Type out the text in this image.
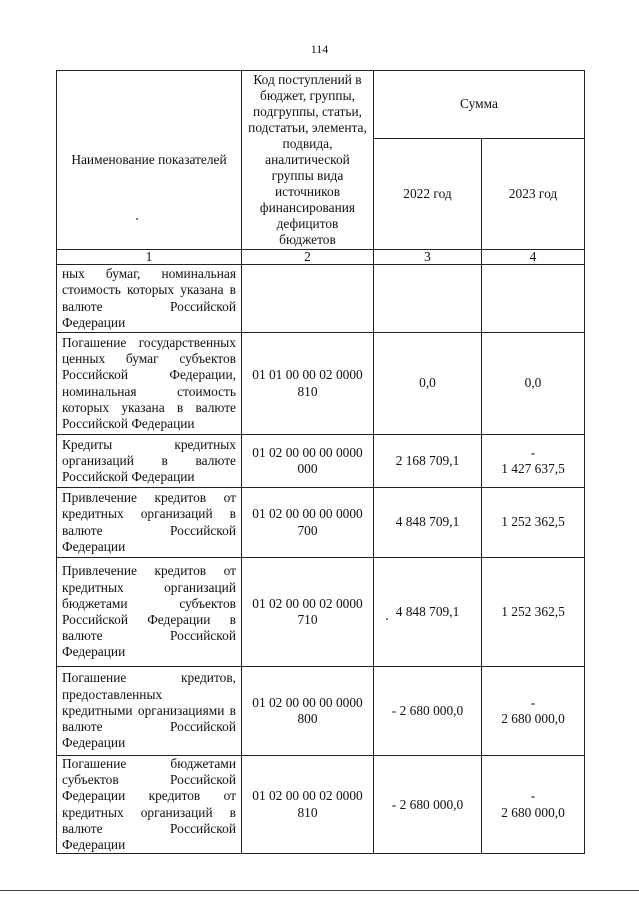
114
Наименование показателей	Код поступлений в бюджет, группы, подгруппы, статьи, подстатьи, элемента, подвида, аналитической группы вида источников финансирования дефицитов бюджетов	Сумма	
		2022 год	2023 год
1	2	3	4
ных бумаг, номинальная стоимость которых указана в валюте Российской Федерации			
Погашение государственных ценных бумаг субъектов Российской Федерации, номинальная стоимость которых указана в валюте Российской Федерации	01 01 00 00 02 0000 810	0,0	0,0
Кредиты кредитных организаций в валюте Российской Федерации	01 02 00 00 00 0000 000	2 168 709,1	-
1 427 637,5

Привлечение кредитов от кредитных организаций в валюте Российской Федерации	01 02 00 00 00 0000 700	4 848 709,1	1 252 362,5
Привлечение кредитов от кредитных организаций бюджетами субъектов Российской Федерации в валюте Российской Федерации	01 02 00 00 02 0000 710	4 848 709,1	1 252 362,5
Погашение кредитов, предоставленных кредитными организациями в валюте Российской Федерации	01 02 00 00 00 0000 800	- 2 680 000,0	-
2 680 000,0

Погашение бюджетами субъектов Российской Федерации кредитов от кредитных организаций в валюте Российской Федерации	01 02 00 00 02 0000 810	- 2 680 000,0	-
2 680 000,0
